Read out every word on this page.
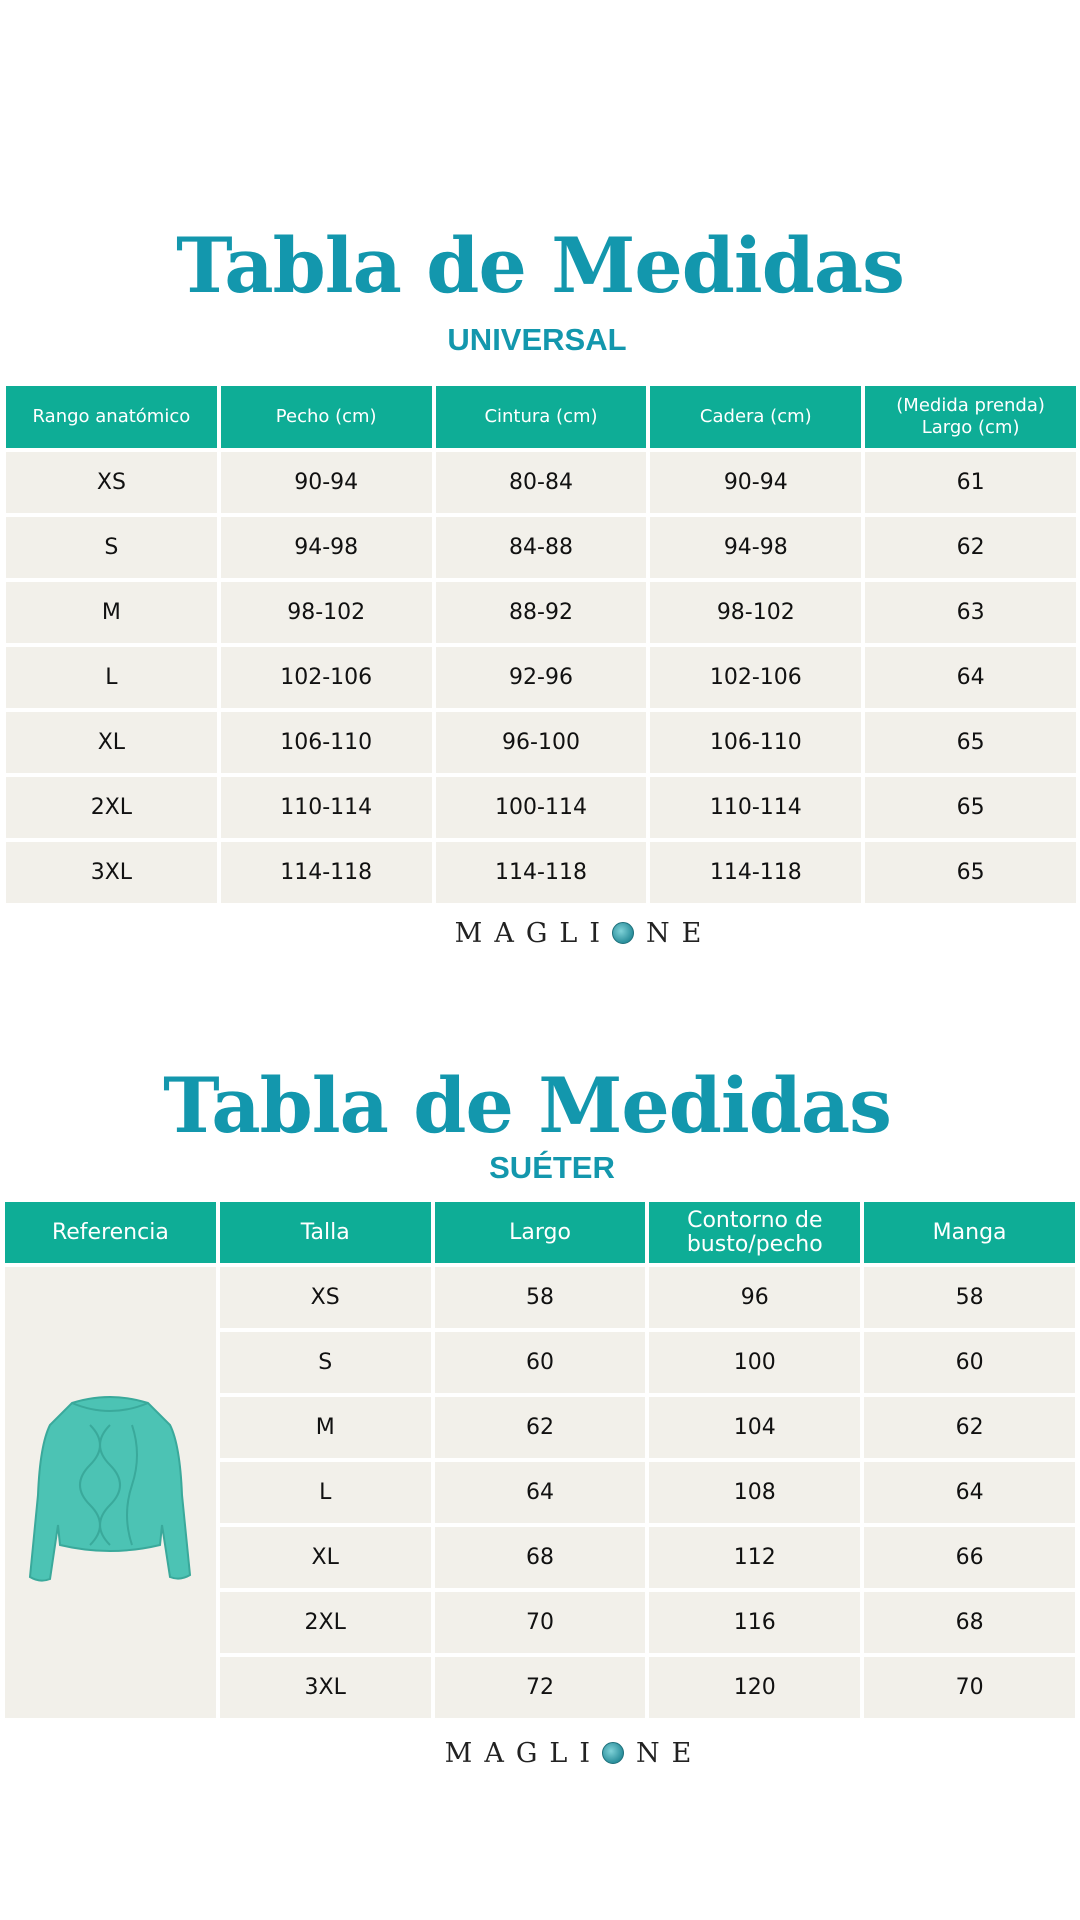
Tabla de Medidas
UNIVERSAL
Rango anatómico	Pecho (cm)	Cintura (cm)	Cadera (cm)	(Medida prenda)
Largo (cm)
XS	90-94	80-84	90-94	61
S	94-98	84-88	94-98	62
M	98-102	88-92	98-102	63
L	102-106	92-96	102-106	64
XL	106-110	96-100	106-110	65
2XL	110-114	100-114	110-114	65
3XL	114-118	114-118	114-118	65
MAGLI NE
Tabla de Medidas
SUÉTER
Referencia	Talla	Largo	Contorno de
busto/pecho	Manga
	XS	58	96	58
	S	60	100	60
	M	62	104	62
	L	64	108	64
	XL	68	112	66
	2XL	70	116	68
	3XL	72	120	70
MAGLI NE
